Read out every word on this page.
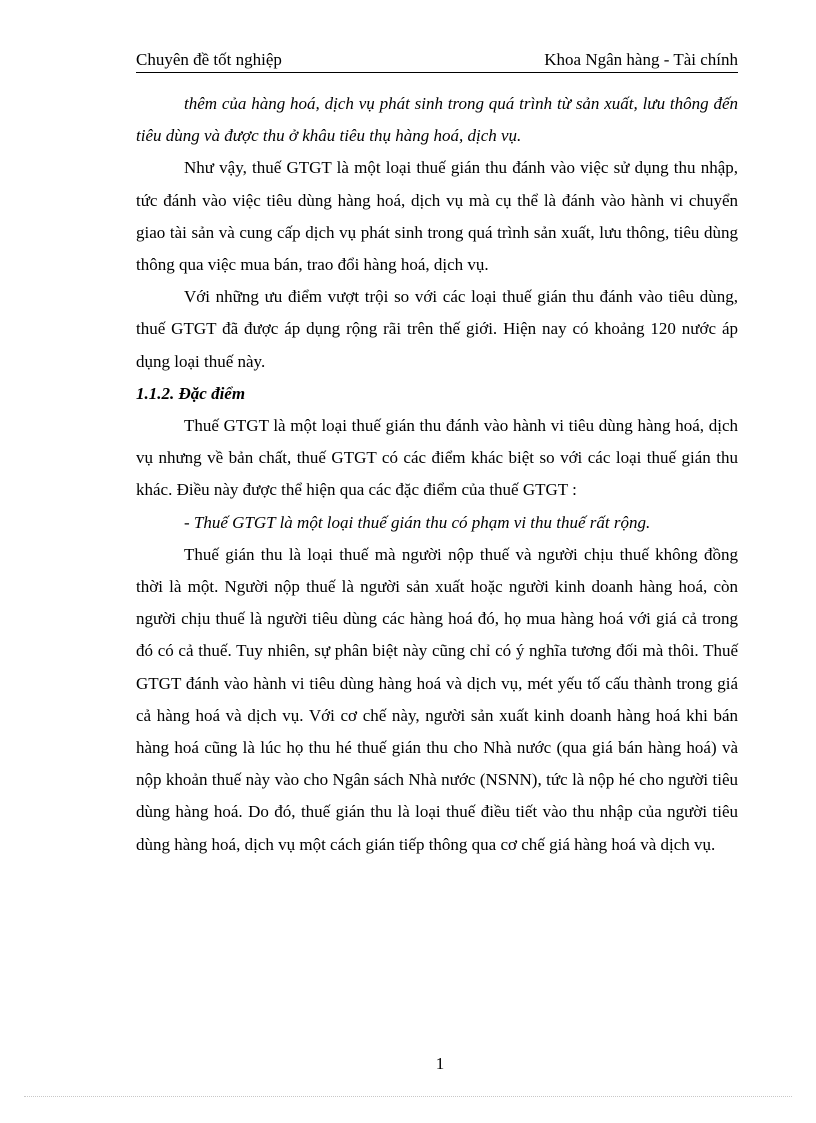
Chuyên đề tốt nghiệp	Khoa Ngân hàng - Tài chính

thêm của hàng hoá, dịch vụ phát sinh trong quá trình từ sản xuất, lưu thông đến tiêu dùng và được thu ở khâu tiêu thụ hàng hoá, dịch vụ.

Như vậy, thuế GTGT là một loại thuế gián thu đánh vào việc sử dụng thu nhập, tức đánh vào việc tiêu dùng hàng hoá, dịch vụ mà cụ thể là đánh vào hành vi chuyển giao tài sản và cung cấp dịch vụ phát sinh trong quá trình sản xuất, lưu thông, tiêu dùng thông qua việc mua bán, trao đổi hàng hoá, dịch vụ.

Với những ưu điểm vượt trội so với các loại thuế gián thu đánh vào tiêu dùng, thuế GTGT đã được áp dụng rộng rãi trên thế giới. Hiện nay có khoảng 120 nước áp dụng loại thuế này.

1.1.2. Đặc điểm

Thuế GTGT là một loại thuế gián thu đánh vào hành vi tiêu dùng hàng hoá, dịch vụ nhưng về bản chất, thuế GTGT có các điểm khác biệt so với các loại thuế gián thu khác. Điều này được thể hiện qua các đặc điểm của thuế GTGT :

- Thuế GTGT là một loại thuế gián thu có phạm vi thu thuế rất rộng.

Thuế gián thu là loại thuế mà người nộp thuế và người chịu thuế không đồng thời là một. Người nộp thuế là người sản xuất hoặc người kinh doanh hàng hoá, còn người chịu thuế là người tiêu dùng các hàng hoá đó, họ mua hàng hoá với giá cả trong đó có cả thuế. Tuy nhiên, sự phân biệt này cũng chỉ có ý nghĩa tương đối mà thôi. Thuế GTGT đánh vào hành vi tiêu dùng hàng hoá và dịch vụ, mét yếu tố cấu thành trong giá cả hàng hoá và dịch vụ. Với cơ chế này, người sản xuất kinh doanh hàng hoá khi bán hàng hoá cũng là lúc họ thu hé thuế gián thu cho Nhà nước (qua giá bán hàng hoá) và nộp khoản thuế này vào cho Ngân sách Nhà nước (NSNN), tức là nộp hé cho người tiêu dùng hàng hoá. Do đó, thuế gián thu là loại thuế điều tiết vào thu nhập của người tiêu dùng hàng hoá, dịch vụ một cách gián tiếp thông qua cơ chế giá hàng hoá và dịch vụ.

1
